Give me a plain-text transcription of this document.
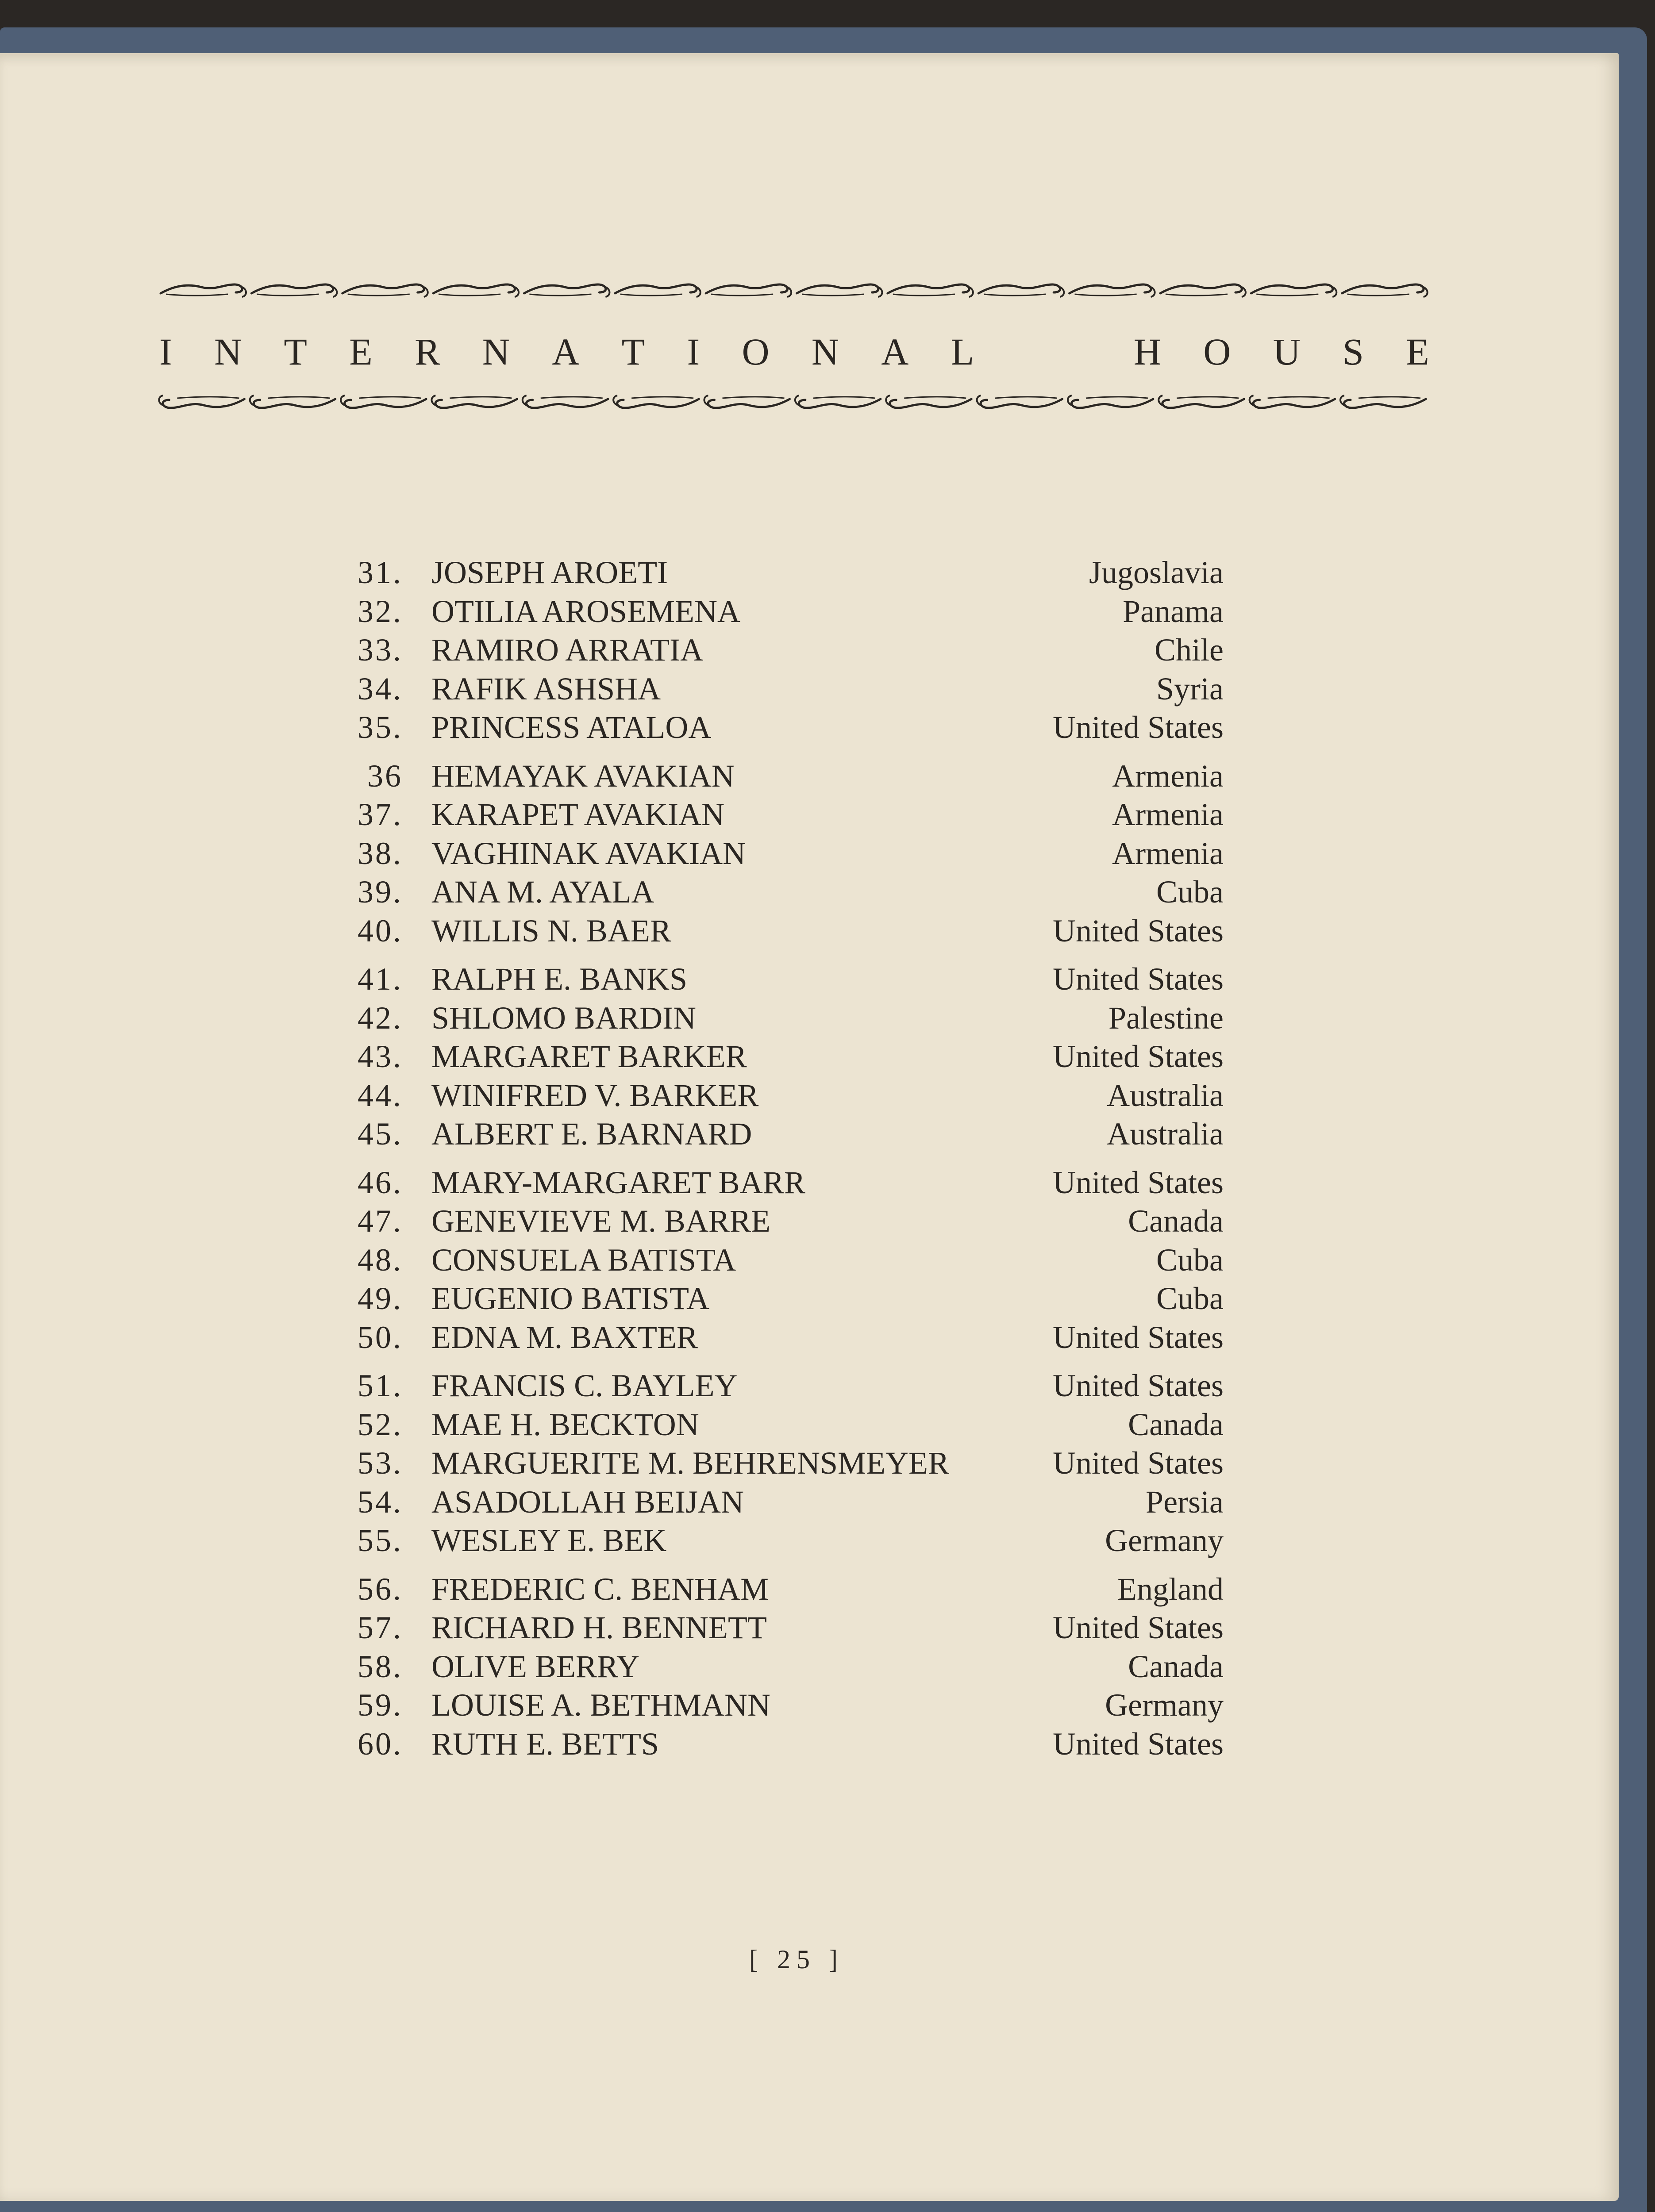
I N T E R N A T I O N A L	H O U S E
31. JOSEPH AROETI	Jugoslavia
32. OTILIA AROSEMENA	Panama
33. RAMIRO ARRATIA	Chile
34. RAFIK ASHSHA	Syria
35. PRINCESS ATALOA	United States
36 HEMAYAK AVAKIAN	Armenia
37. KARAPET AVAKIAN	Armenia
38. VAGHINAK AVAKIAN	Armenia
39. ANA M. AYALA	Cuba
40. WILLIS N. BAER	United States
41. RALPH E. BANKS	United States
42. SHLOMO BARDIN	Palestine
43. MARGARET BARKER	United States
44. WINIFRED V. BARKER	Australia
45. ALBERT E. BARNARD	Australia
46. MARY-MARGARET BARR	United States
47. GENEVIEVE M. BARRE	Canada
48. CONSUELA BATISTA	Cuba
49. EUGENIO BATISTA	Cuba
50. EDNA M. BAXTER	United States
51. FRANCIS C. BAYLEY	United States
52. MAE H. BECKTON	Canada
53. MARGUERITE M. BEHRENSMEYER	United States
54. ASADOLLAH BEIJAN	Persia
55. WESLEY E. BEK	Germany
56. FREDERIC C. BENHAM	England
57. RICHARD H. BENNETT	United States
58. OLIVE BERRY	Canada
59. LOUISE A. BETHMANN	Germany
60. RUTH E. BETTS	United States
[ 25 ]
